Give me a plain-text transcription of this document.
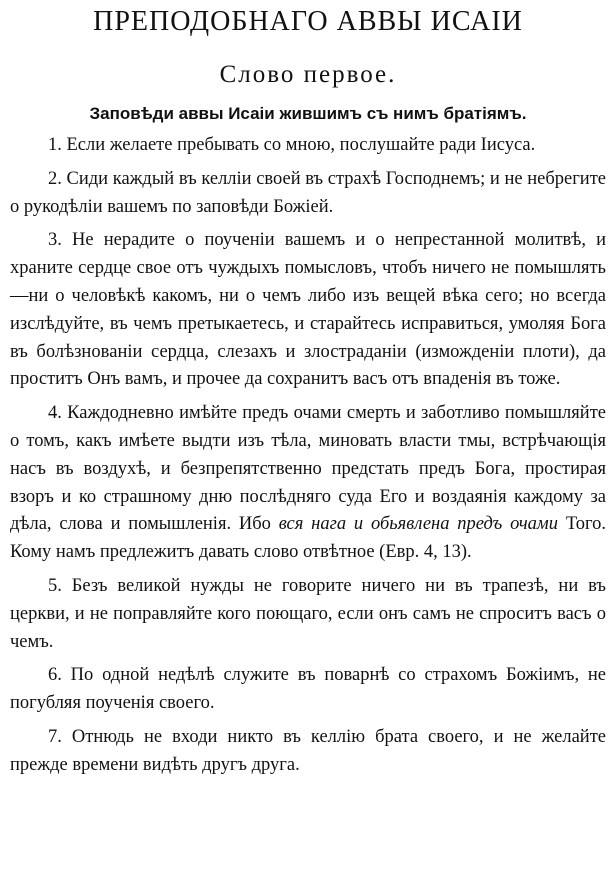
ПРЕПОДОБНАГО АВВЫ ИСАІИ
Слово первое.
Заповѣди аввы Исаіи жившимъ съ нимъ братіямъ.

1. Если желаете пребывать со мною, послушайте ради Іисуса.

2. Сиди каждый въ келліи своей въ страхѣ Господнемъ; и не небрегите о рукодѣліи вашемъ по заповѣди Божіей.

3. Не нерадите о поученіи вашемъ и о непрестанной молитвѣ, и храните сердце свое отъ чуждыхъ помысловъ, чтобъ ничего не помышлять—ни о человѣкѣ какомъ, ни о чемъ либо изъ вещей вѣка сего; но всегда изслѣдуйте, въ чемъ претыкаетесь, и старайтесь исправиться, умоляя Бога въ болѣзновaніи сердца, слезахъ и злостраданіи (изможденіи плоти), да проститъ Онъ вамъ, и прочее да сохранитъ васъ отъ впаденія въ тоже.

4. Каждодневно имѣйте предъ очами смерть и заботливо помышляйте о томъ, какъ имѣете выдти изъ тѣла, миновать власти тмы, встрѣчающія насъ въ воздухѣ, и безпрепятственно предстать предъ Бога, простирая взоръ и ко страшному дню послѣдняго суда Его и воздаянія каждому за дѣла, слова и помышленія. Ибо вся нага и обьявлена предъ очами Того. Кому намъ предлежитъ давать слово отвѣтное (Евр. 4, 13).

5. Безъ великой нужды не говорите ничего ни въ трапезѣ, ни въ церкви, и не поправляйте кого поющаго, если онъ самъ не спроситъ васъ о чемъ.

6. По одной недѣлѣ служите въ поварнѣ со страхомъ Божіимъ, не погубляя поученія своего.

7. Отнюдь не входи никто въ келлію брата своего, и не желайте прежде времени видѣть другъ друга.
